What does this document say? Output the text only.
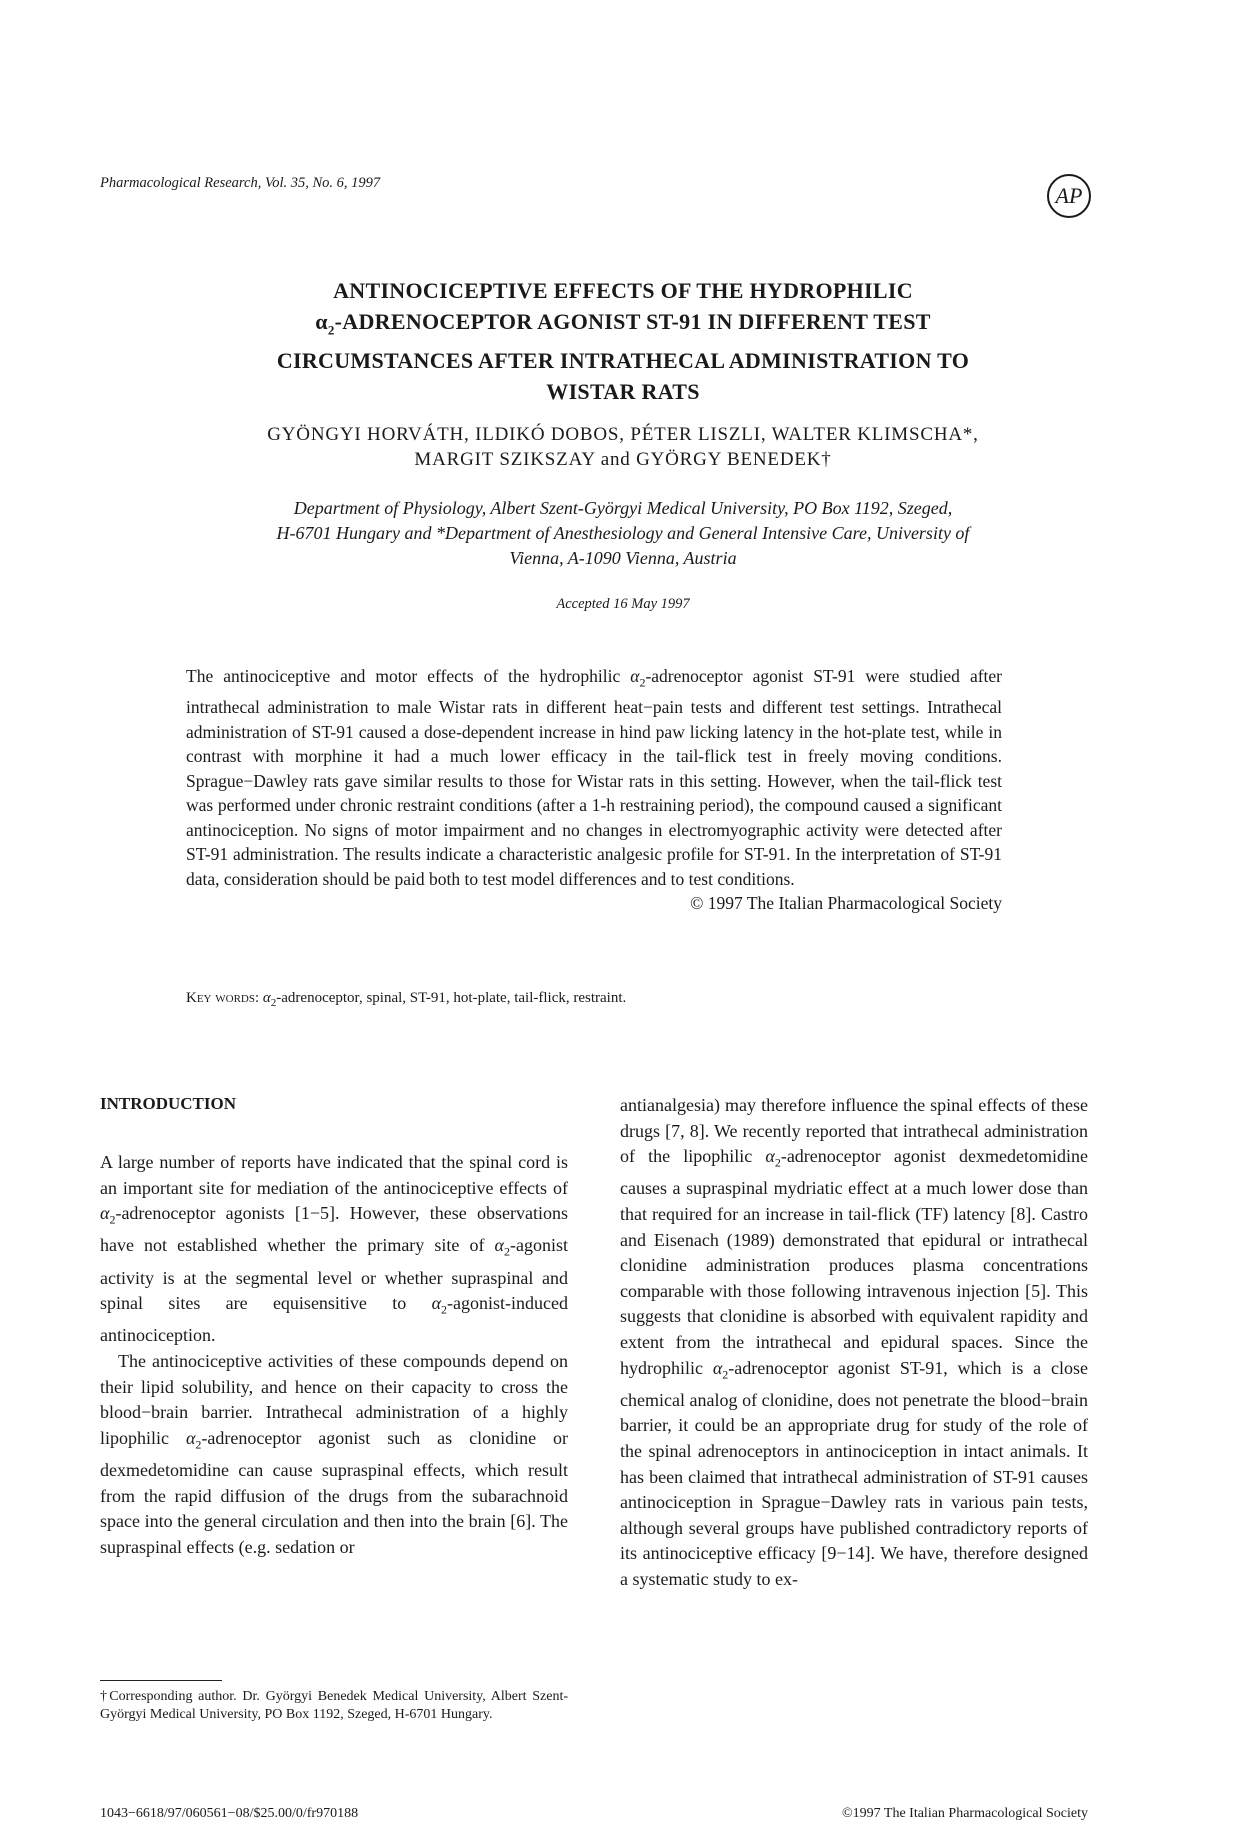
Pharmacological Research, Vol. 35, No. 6, 1997	AP
ANTINOCICEPTIVE EFFECTS OF THE HYDROPHILIC
$\alpha_2$-ADRENOCEPTOR AGONIST ST-91 IN DIFFERENT TEST
CIRCUMSTANCES AFTER INTRATHECAL ADMINISTRATION TO
WISTAR RATS
GYÖNGYI HORVÁTH, ILDIKÓ DOBOS, PÉTER LISZLI, WALTER KLIMSCHA*,
MARGIT SZIKSZAY and GYÖRGY BENEDEK†
Department of Physiology, Albert Szent-Györgyi Medical University, PO Box 1192, Szeged,
H-6701 Hungary and *Department of Anesthesiology and General Intensive Care, University of
Vienna, A-1090 Vienna, Austria
Accepted 16 May 1997
The antinociceptive and motor effects of the hydrophilic $\alpha_2$-adrenoceptor agonist ST-91 were studied after intrathecal administration to male Wistar rats in different heat−pain tests and different test settings. Intrathecal administration of ST-91 caused a dose-dependent increase in hind paw licking latency in the hot-plate test, while in contrast with morphine it had a much lower efficacy in the tail-flick test in freely moving conditions. Sprague−Dawley rats gave similar results to those for Wistar rats in this setting. However, when the tail-flick test was performed under chronic restraint conditions (after a 1-h restraining period), the compound caused a significant antinociception. No signs of motor impairment and no changes in electromyographic activity were detected after ST-91 administration. The results indicate a characteristic analgesic profile for ST-91. In the interpretation of ST-91 data, consideration should be paid both to test model differences and to test conditions.
© 1997 The Italian Pharmacological Society
Key words: $\alpha_2$-adrenoceptor, spinal, ST-91, hot-plate, tail-flick, restraint.
INTRODUCTION

A large number of reports have indicated that the spinal cord is an important site for mediation of the antinociceptive effects of $\alpha_2$-adrenoceptor agonists [1−5]. However, these observations have not established whether the primary site of $\alpha_2$-agonist activity is at the segmental level or whether supraspinal and spinal sites are equisensitive to $\alpha_2-agonist$-induced antinociception.

The antinociceptive activities of these compounds depend on their lipid solubility, and hence on their capacity to cross the blood−brain barrier. Intrathecal administration of a highly lipophilic $\alpha_2$-adrenoceptor agonist such as clonidine or dexmedetomidine can cause supraspinal effects, which result from the rapid diffusion of the drugs from the subarachnoid space into the general circulation and then into the brain [6]. The supraspinal effects (e.g. sedation or

antianalgesia) may therefore influence the spinal effects of these drugs [7, 8]. We recently reported that intrathecal administration of the lipophilic $\alpha_2$-adrenoceptor agonist dexmedetomidine causes a supraspinal mydriatic effect at a much lower dose than that required for an increase in tail-flick (TF) latency [8]. Castro and Eisenach (1989) demonstrated that epidural or intrathecal clonidine administration produces plasma concentrations comparable with those following intravenous injection [5]. This suggests that clonidine is absorbed with equivalent rapidity and extent from the intrathecal and epidural spaces. Since the hydrophilic $\alpha_2$-adrenoceptor agonist ST-91, which is a close chemical analog of clonidine, does not penetrate the blood−brain barrier, it could be an appropriate drug for study of the role of the spinal adrenoceptors in antinociception in intact animals. It has been claimed that intrathecal administration of ST-91 causes antinociception in Sprague−Dawley rats in various pain tests, although several groups have published contradictory reports of its antinociceptive efficacy [9−14]. We have, therefore designed a systematic study to ex-

†Corresponding author. Dr. Györgyi Benedek Medical University, Albert Szent-Györgyi Medical University, PO Box 1192, Szeged, H-6701 Hungary.
1043−6618/97/060561−08/$25.00/0/fr970188	©1997 The Italian Pharmacological Society
